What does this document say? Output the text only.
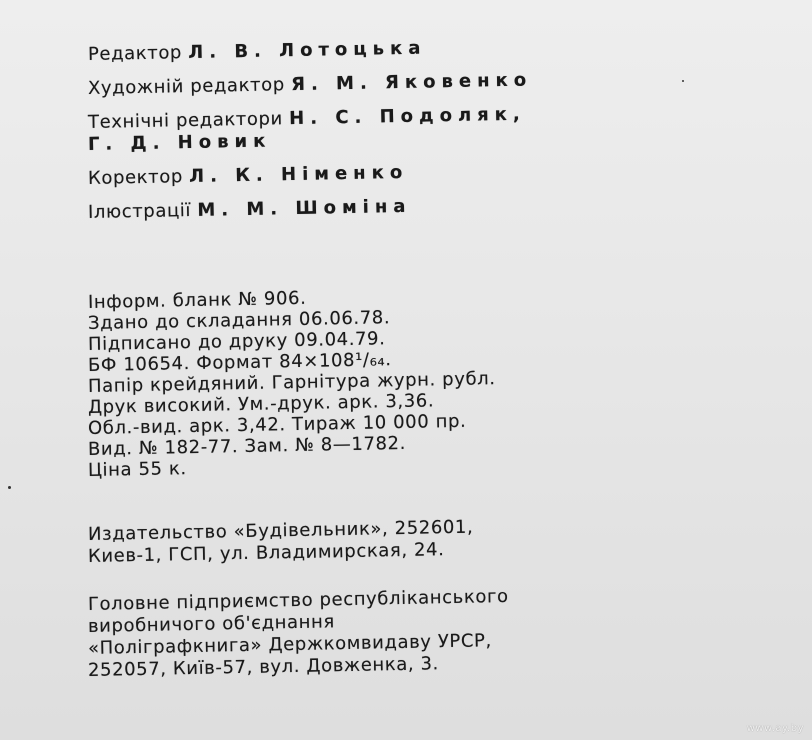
Редактор Л. В. Лотоцька

Художній редактор Я. М. Яковенко

Технічні редактори Н. С. Подоляк,

Г. Д. Новик

Коректор Л. К. Німенко

Ілюстрації М. М. Шоміна

Інформ. бланк № 906.

Здано до складання 06.06.78.

Підписано до друку 09.04.79.

БФ 10654. Формат 84×108¹/₆₄.

Папір крейдяний. Гарнітура журн. рубл.

Друк високий. Ум.-друк. арк. 3,36.

Обл.-вид. арк. 3,42. Тираж 10 000 пр.

Вид. № 182-77. Зам. № 8—1782.

Ціна 55 к.

Издательство «Будівельник», 252601,

Киев-1, ГСП, ул. Владимирская, 24.

Головне підприємство республіканського

виробничого об'єднання

«Поліграфкнига» Держкомвидаву УРСР,

252057, Київ-57, вул. Довженка, 3.

www.ay.by
